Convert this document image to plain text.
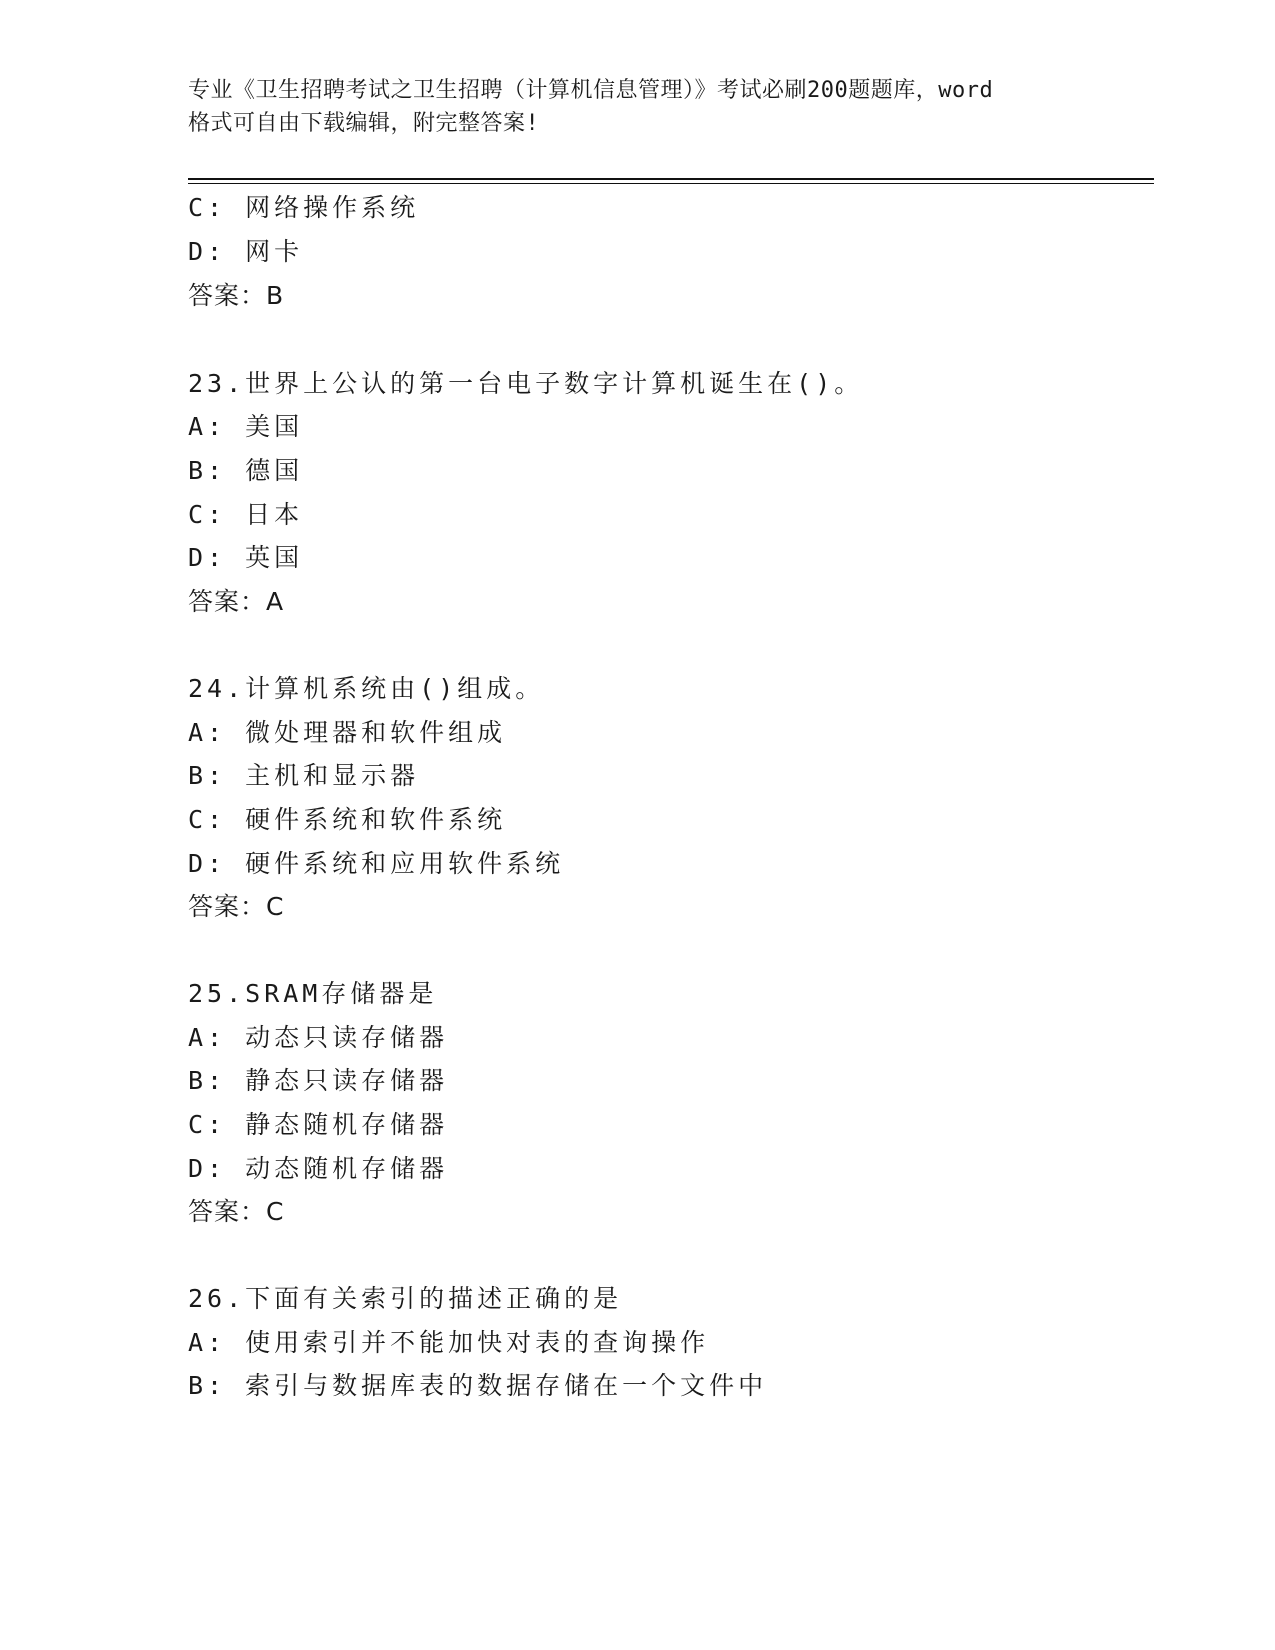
专业《卫生招聘考试之卫生招聘（计算机信息管理）》考试必刷200题题库，word
格式可自由下载编辑，附完整答案!
C: 网络操作系统
D: 网卡
答案：B
23.世界上公认的第一台电子数字计算机诞生在()。
A: 美国
B: 德国
C: 日本
D: 英国
答案：A
24.计算机系统由()组成。
A: 微处理器和软件组成
B: 主机和显示器
C: 硬件系统和软件系统
D: 硬件系统和应用软件系统
答案：C
25.SRAM存储器是
A: 动态只读存储器
B: 静态只读存储器
C: 静态随机存储器
D: 动态随机存储器
答案：C
26.下面有关索引的描述正确的是
A: 使用索引并不能加快对表的查询操作
B: 索引与数据库表的数据存储在一个文件中
